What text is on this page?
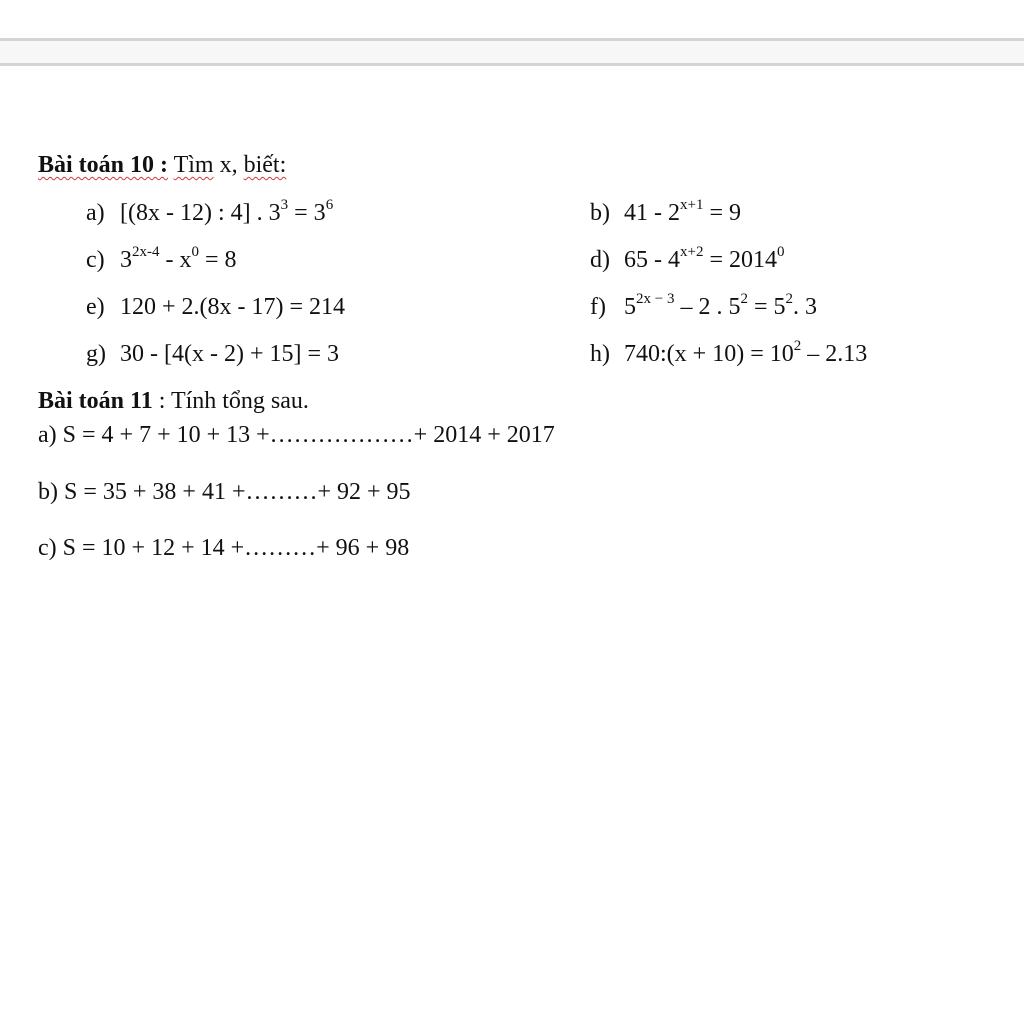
Bài toán 10 : Tìm x, biết:
a) [(8x - 12) : 4] . $3^3 = 3^6$	b) $41 - 2^{x+1} = 9$
c) $3^{2x-4} - x^0 = 8$	d) $65 - 4^{x+2} = 2014^0$
e) 120 + 2.(8x - 17) = 214	f) $5^{2x - 3} - 2$ . $5^2 = 5^2$. 3
g) 30 - [4(x - 2) + 15] = 3	h) 740:(x + $10) = 10^2 - 2.13$
Bài toán 11 : Tính tổng sau.
a) S = 4 + 7 + 10 + 13 +………………+ 2014 + 2017
b) S = 35 + 38 + 41 +………+ 92 + 95
c) S = 10 + 12 + 14 +………+ 96 + 98
